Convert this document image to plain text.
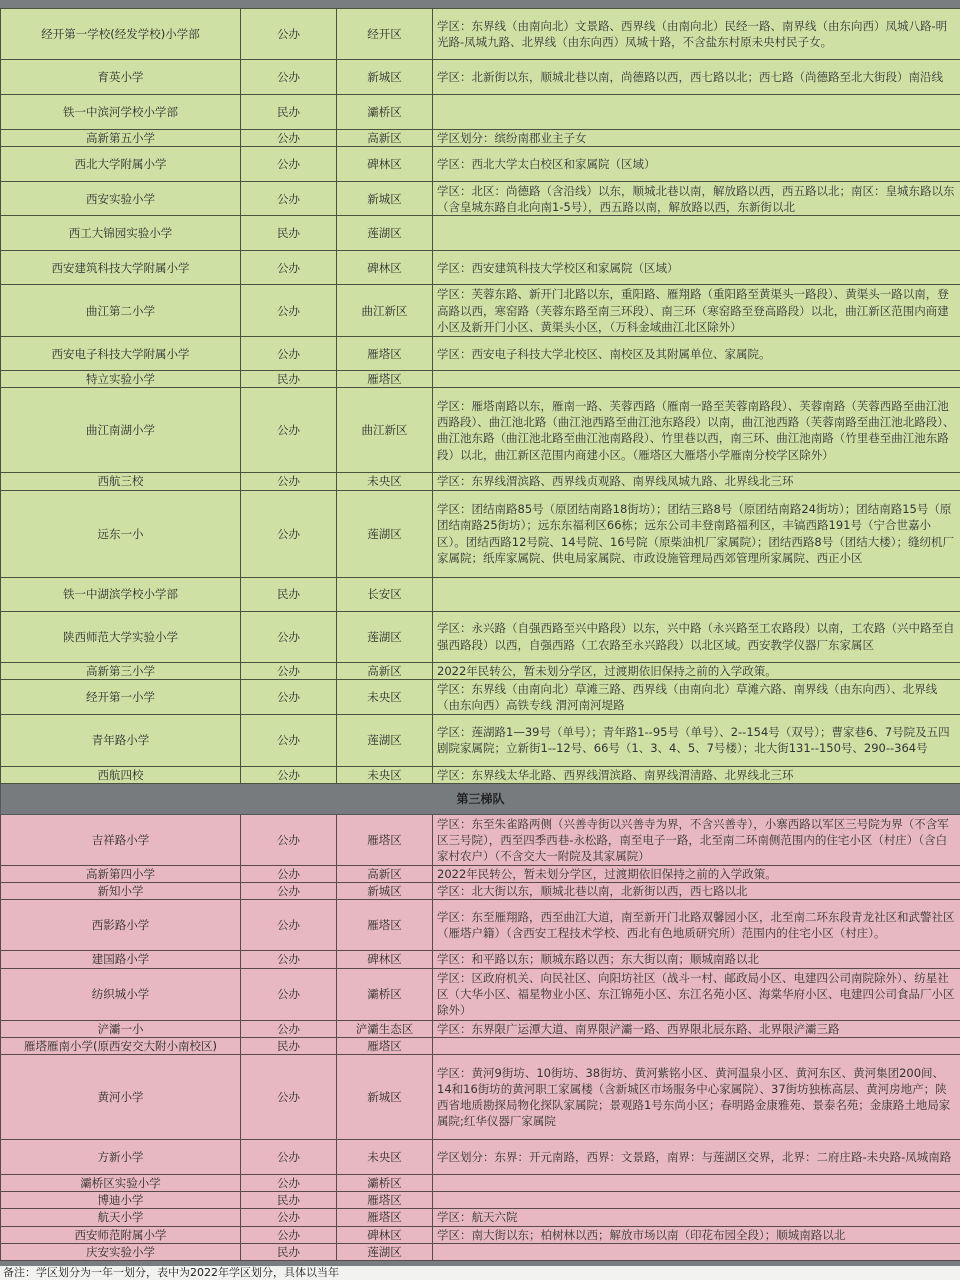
经开第一学校(经发学校)小学部	公办	经开区	学区：东界线（由南向北）文景路、西界线（由南向北）民经一路、南界线（由东向西）凤城八路-明光路-凤城九路、北界线（由东向西）凤城十路，不含盐东村原未央村民子女。
育英小学	公办	新城区	学区：北新街以东，顺城北巷以南，尚德路以西，西七路以北；西七路（尚德路至北大街段）南沿线
铁一中滨河学校小学部	民办	灞桥区	
高新第五小学	公办	高新区	学区划分：缤纷南郡业主子女
西北大学附属小学	公办	碑林区	学区：西北大学太白校区和家属院（区域）
西安实验小学	公办	新城区	学区：北区：尚德路（含沿线）以东，顺城北巷以南，解放路以西，西五路以北；南区：皇城东路以东（含皇城东路自北向南1-5号），西五路以南，解放路以西，东新街以北
西工大锦园实验小学	民办	莲湖区	
西安建筑科技大学附属小学	公办	碑林区	学区：西安建筑科技大学校区和家属院（区域）
曲江第二小学	公办	曲江新区	学区：芙蓉东路、新开门北路以东，重阳路、雁翔路（重阳路至黄渠头一路段）、黄渠头一路以南，登高路以西，寒窑路（芙蓉东路至南三环段）、南三环（寒窑路至登高路段）以北，曲江新区范围内商建小区及新开门小区、黄渠头小区，（万科金域曲江北区除外）
西安电子科技大学附属小学	公办	雁塔区	学区：西安电子科技大学北校区、南校区及其附属单位、家属院。
特立实验小学	民办	雁塔区	
曲江南湖小学	公办	曲江新区	学区：雁塔南路以东，雁南一路、芙蓉西路（雁南一路至芙蓉南路段）、芙蓉南路（芙蓉西路至曲江池西路段）、曲江池北路（曲江池西路至曲江池东路段）以南，曲江池西路（芙蓉南路至曲江池北路段）、曲江池东路（曲江池北路至曲江池南路段）、竹里巷以西，南三环、曲江池南路（竹里巷至曲江池东路段）以北，曲江新区范围内商建小区。（雁塔区大雁塔小学雁南分校学区除外）
西航三校	公办	未央区	学区：东界线渭滨路、西界线贞观路、南界线凤城九路、北界线北三环
远东一小	公办	莲湖区	学区：团结南路85号（原团结南路18街坊）；团结三路8号（原团结南路24街坊）；团结南路15号（原团结南路25街坊）；远东东福利区66栋；远东公司丰登南路福利区，丰镐西路191号（宁合世嘉小区）。团结西路12号院、14号院、16号院（原柴油机厂家属院）；团结西路8号（团结大楼）；缝纫机厂家属院；纸库家属院、供电局家属院、市政设施管理局西郊管理所家属院、西正小区
铁一中湖滨学校小学部	民办	长安区	
陕西师范大学实验小学	公办	莲湖区	学区：永兴路（自强西路至兴中路段）以东，兴中路（永兴路至工农路段）以南，工农路（兴中路至自强西路段）以西，自强西路（工农路至永兴路段）以北区域。西安教学仪器厂东家属区
高新第三小学	公办	高新区	2022年民转公，暂未划分学区，过渡期依旧保持之前的入学政策。
经开第一小学	公办	未央区	学区：东界线（由南向北）草滩三路、西界线（由南向北）草滩六路、南界线（由东向西）、北界线（由东向西）高铁专线 渭河南河堤路
青年路小学	公办	莲湖区	学区：莲湖路1—39号（单号）；青年路1--95号（单号）、2--154号（双号）；曹家巷6、7号院及五四剧院家属院；立新街1--12号、66号（1、3、4、5、7号楼）；北大街131--150号、290--364号
西航四校	公办	未央区	学区：东界线太华北路、西界线渭滨路、南界线渭清路、北界线北三环
第三梯队			
吉祥路小学	公办	雁塔区	学区：东至朱雀路两侧（兴善寺街以兴善寺为界，不含兴善寺），小寨西路以军区三号院为界（不含军区三号院），西至四季西巷-永松路，南至电子一路，北至南二环南侧范围内的住宅小区（村庄）（含白家村农户）（不含交大一附院及其家属院）
高新第四小学	公办	高新区	2022年民转公，暂未划分学区，过渡期依旧保持之前的入学政策。
新知小学	公办	新城区	学区：北大街以东，顺城北巷以南，北新街以西，西七路以北
西影路小学	公办	雁塔区	学区：东至雁翔路，西至曲江大道，南至新开门北路双馨园小区，北至南二环东段青龙社区和武警社区（雁塔户籍）（含西安工程技术学校、西北有色地质研究所）范围内的住宅小区（村庄）。
建国路小学	公办	碑林区	学区：和平路以东；顺城东路以西；东大街以南；顺城南路以北
纺织城小学	公办	灞桥区	学区：区政府机关、向民社区、向阳坊社区（战斗一村、邮政局小区、电建四公司南院除外）、纺星社区（大华小区、福星物业小区、东江锦苑小区、东江名苑小区、海棠华府小区、电建四公司食品厂小区除外）
浐灞一小	公办	浐灞生态区	学区：东界限广运潭大道、南界限浐灞一路、西界限北辰东路、北界限浐灞三路
雁塔雁南小学(原西安交大附小南校区)	民办	雁塔区	
黄河小学	公办	新城区	学区：黄河9街坊、10街坊、38街坊、黄河紫铭小区、黄河温泉小区、黄河东区、黄河集团200间、14和16街坊的黄河职工家属楼（含新城区市场服务中心家属院）、37街坊独栋高层、黄河房地产；陕西省地质勘探局物化探队家属院；景观路1号东尚小区；春明路金康雅苑、景泰名苑；金康路土地局家属院;红华仪器厂家属院
方新小学	公办	未央区	学区划分：东界：开元南路，西界：文景路，南界：与莲湖区交界，北界：二府庄路-未央路-凤城南路
灞桥区实验小学	公办	灞桥区	
博迪小学	民办	雁塔区	
航天小学	公办	雁塔区	学区：航天六院
西安师范附属小学	公办	碑林区	学区：南大街以东；柏树林以西；解放市场以南（印花布园全段）；顺城南路以北
庆安实验小学	民办	莲湖区	
备注：学区划分为一年一划分，表中为2022年学区划分，具体以当年
